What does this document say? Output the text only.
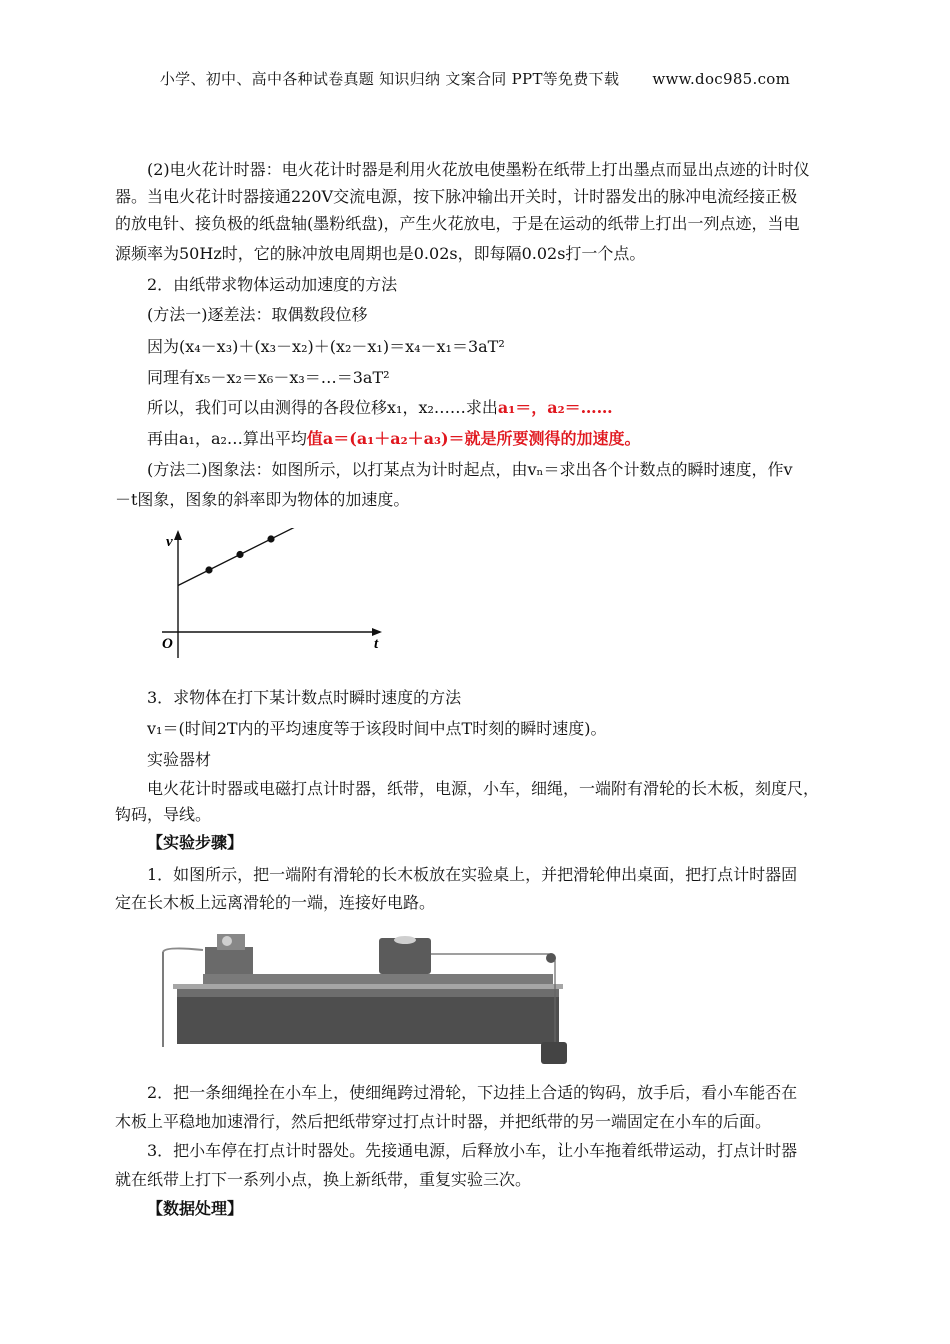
小学、初中、高中各种试卷真题 知识归纳 文案合同 PPT等免费下载 www.doc985.com
(2)电火花计时器：电火花计时器是利用火花放电使墨粉在纸带上打出墨点而显出点迹的计时仪
器。当电火花计时器接通220V交流电源，按下脉冲输出开关时，计时器发出的脉冲电流经接正极
的放电针、接负极的纸盘轴(墨粉纸盘)，产生火花放电，于是在运动的纸带上打出一列点迹，当电
源频率为50Hz时，它的脉冲放电周期也是0.02s，即每隔0.02s打一个点。
2．由纸带求物体运动加速度的方法
(方法一)逐差法：取偶数段位移
因为(x₄－x₃)＋(x₃－x₂)＋(x₂－x₁)＝x₄－x₁＝3aT²
同理有x₅－x₂＝x₆－x₃＝…＝3aT²
所以，我们可以由测得的各段位移x₁，x₂……求出a₁＝，a₂＝……
再由a₁，a₂…算出平均值a＝(a₁＋a₂＋a₃)＝就是所要测得的加速度。
(方法二)图象法：如图所示，以打某点为计时起点，由vₙ＝求出各个计数点的瞬时速度，作v
－t图象，图象的斜率即为物体的加速度。
v
t
O
3．求物体在打下某计数点时瞬时速度的方法
v₁＝(时间2T内的平均速度等于该段时间中点T时刻的瞬时速度)。
实验器材
电火花计时器或电磁打点计时器，纸带，电源，小车，细绳，一端附有滑轮的长木板，刻度尺，
钩码，导线。
【实验步骤】
1．如图所示，把一端附有滑轮的长木板放在实验桌上，并把滑轮伸出桌面，把打点计时器固
定在长木板上远离滑轮的一端，连接好电路。
2．把一条细绳拴在小车上，使细绳跨过滑轮，下边挂上合适的钩码，放手后，看小车能否在
木板上平稳地加速滑行，然后把纸带穿过打点计时器，并把纸带的另一端固定在小车的后面。
3．把小车停在打点计时器处。先接通电源，后释放小车，让小车拖着纸带运动，打点计时器
就在纸带上打下一系列小点，换上新纸带，重复实验三次。
【数据处理】
